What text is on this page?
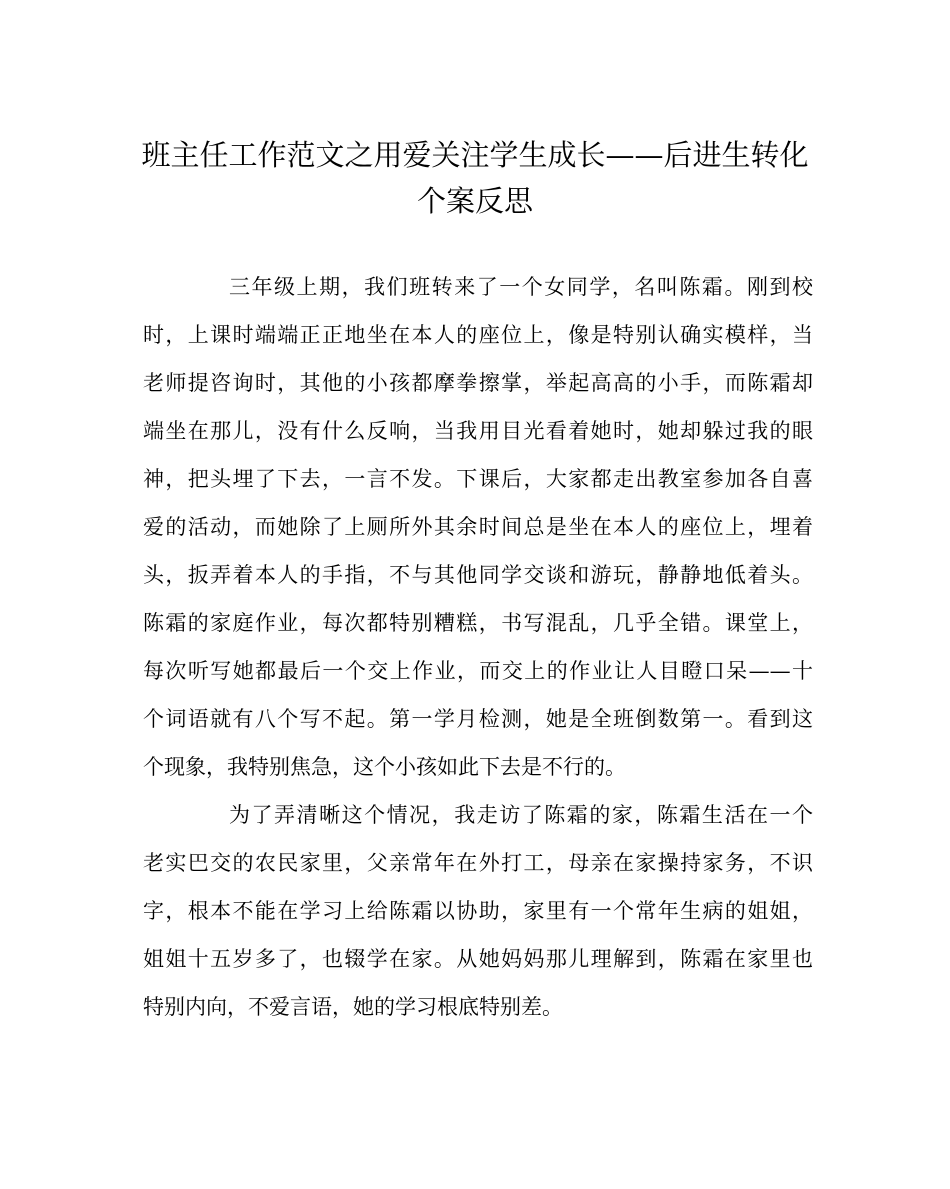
班主任工作范文之用爱关注学生成长——后进生转化
个案反思
三年级上期，我们班转来了一个女同学，名叫陈霜。刚到校
时，上课时端端正正地坐在本人的座位上，像是特别认确实模样，当
老师提咨询时，其他的小孩都摩拳擦掌，举起高高的小手，而陈霜却
端坐在那儿，没有什么反响，当我用目光看着她时，她却躲过我的眼
神，把头埋了下去，一言不发。下课后，大家都走出教室参加各自喜
爱的活动，而她除了上厕所外其余时间总是坐在本人的座位上，埋着
头，扳弄着本人的手指，不与其他同学交谈和游玩，静静地低着头。
陈霜的家庭作业，每次都特别糟糕，书写混乱，几乎全错。课堂上，
每次听写她都最后一个交上作业，而交上的作业让人目瞪口呆——十
个词语就有八个写不起。第一学月检测，她是全班倒数第一。看到这
个现象，我特别焦急，这个小孩如此下去是不行的。
为了弄清晰这个情况，我走访了陈霜的家，陈霜生活在一个
老实巴交的农民家里，父亲常年在外打工，母亲在家操持家务，不识
字，根本不能在学习上给陈霜以协助，家里有一个常年生病的姐姐，
姐姐十五岁多了，也辍学在家。从她妈妈那儿理解到，陈霜在家里也
特别内向，不爱言语，她的学习根底特别差。
